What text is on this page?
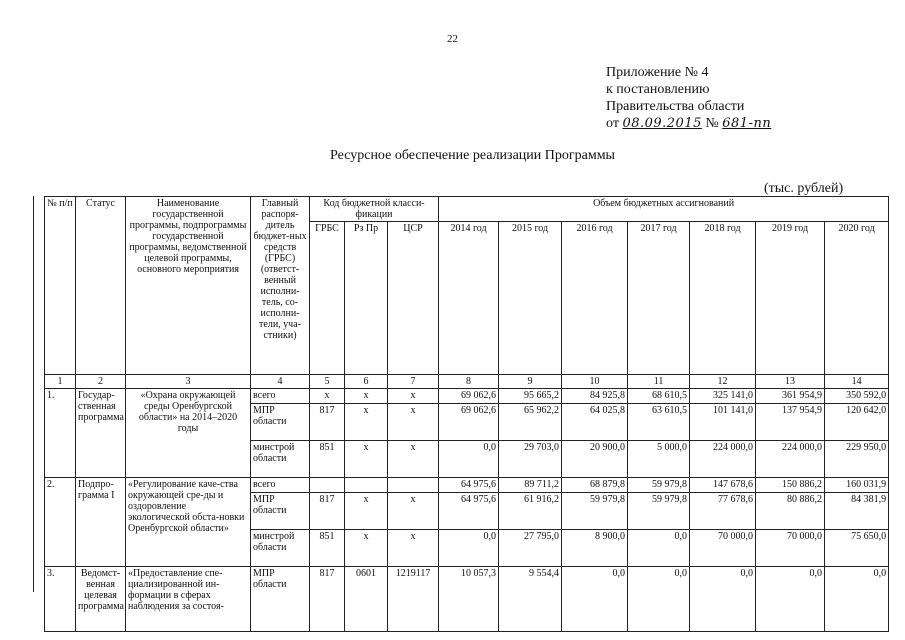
22
Приложение № 4
к постановлению
Правительства области
от 08.09.2015 № 681-пп
Ресурсное обеспечение реализации Программы
(тыс. рублей)
№ п/п	Статус	Наименование государственной программы, подпрограммы государственной программы, ведомственной целевой программы, основного мероприятия	Главный распоря-дитель бюджет-ных средств (ГРБС) (ответст-венный исполни-тель, со-исполни-тели, уча-стники)	Код бюджетной класси-фикации			Объем бюджетных ассигнований						
				ГРБС	Рз Пр	ЦСР	2014 год	2015 год	2016 год	2017 год	2018 год	2019 год	2020 год
1	2	3	4	5	6	7	8	9	10	11	12	13	14
1.	Государ-ственная программа	«Охрана окружающей среды Оренбургской области» на 2014–2020 годы	всего	х	х	х	69 062,6	95 665,2	84 925,8	68 610,5	325 141,0	361 954,9	350 592,0
			МПР области	817	х	х	69 062,6	65 962,2	64 025,8	63 610,5	101 141,0	137 954,9	120 642,0
			минстрой области	851	х	х	0,0	29 703,0	20 900,0	5 000,0	224 000,0	224 000,0	229 950,0
2.	Подпро-грамма I	«Регулирование каче-ства окружающей сре-ды и оздоровление экологической обста-новки Оренбургской области»	всего				64 975,6	89 711,2	68 879,8	59 979,8	147 678,6	150 886,2	160 031,9
			МПР области	817	х	х	64 975,6	61 916,2	59 979,8	59 979,8	77 678,6	80 886,2	84 381,9
			минстрой области	851	х	х	0,0	27 795,0	8 900,0	0,0	70 000,0	70 000,0	75 650,0
3.	Ведомст-венная целевая программа	«Предоставление спе-циализированной ин-формации в сферах наблюдения за состоя-	МПР области	817	0601	1219117	10 057,3	9 554,4	0,0	0,0	0,0	0,0	0,0
